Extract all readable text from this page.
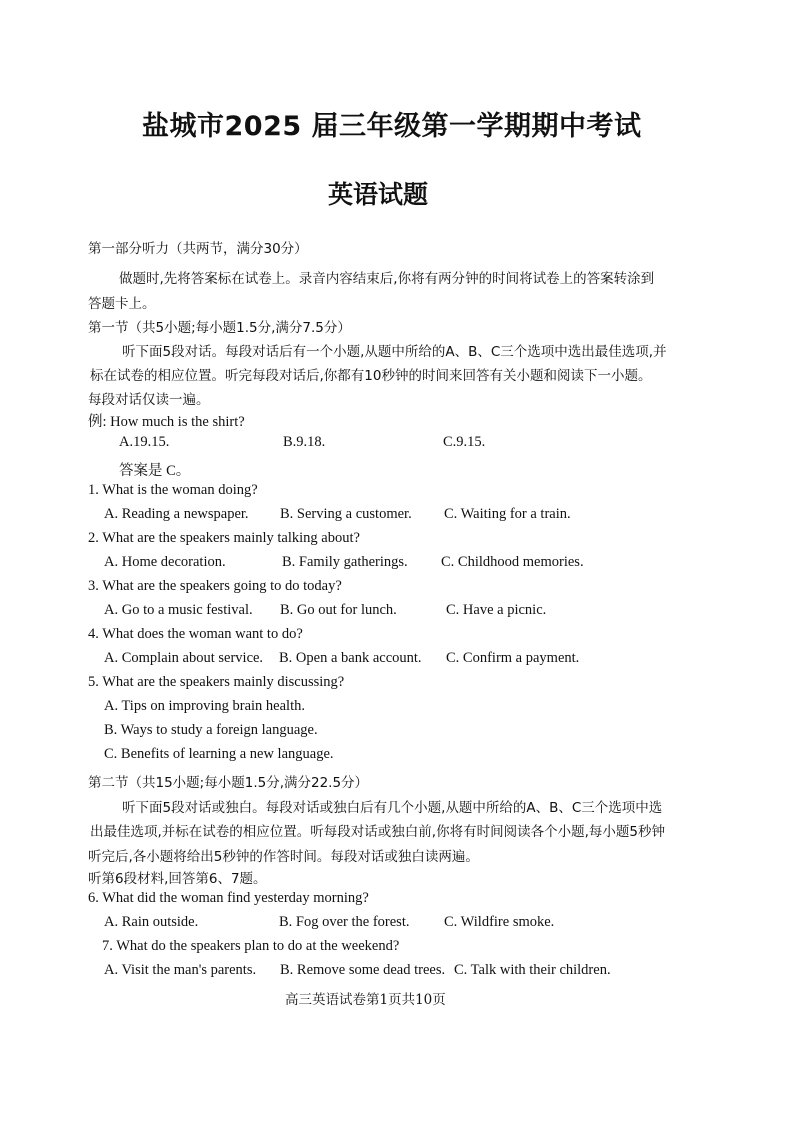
盐城市2025 届三年级第一学期期中考试
英语试题
第一部分听力（共两节，满分30分）
做题时,先将答案标在试卷上。录音内容结束后,你将有两分钟的时间将试卷上的答案转涂到
答题卡上。
第一节（共5小题;每小题1.5分,满分7.5分）
听下面5段对话。每段对话后有一个小题,从题中所给的A、B、C三个选项中选出最佳选项,并
标在试卷的相应位置。听完每段对话后,你都有10秒钟的时间来回答有关小题和阅读下一小题。
每段对话仅读一遍。
例: How much is the shirt?
A.19.15.	B.9.18.	C.9.15.
答案是 C。
1. What is the woman doing?
A. Reading a newspaper. B. Serving a customer. C. Waiting for a train.
2. What are the speakers mainly talking about?
A. Home decoration.	B. Family gatherings. C. Childhood memories.
3. What are the speakers going to do today?
A. Go to a music festival. B. Go out for lunch.	C. Have a picnic.
4. What does the woman want to do?
A. Complain about service. B. Open a bank account. C. Confirm a payment.
5. What are the speakers mainly discussing?
A. Tips on improving brain health.
B. Ways to study a foreign language.
C. Benefits of learning a new language.
第二节（共15小题;每小题1.5分,满分22.5分）
听下面5段对话或独白。每段对话或独白后有几个小题,从题中所给的A、B、C三个选项中选
出最佳选项,并标在试卷的相应位置。听每段对话或独白前,你将有时间阅读各个小题,每小题5秒钟
听完后,各小题将给出5秒钟的作答时间。每段对话或独白读两遍。
听第6段材料,回答第6、7题。
6. What did the woman find yesterday morning?
A. Rain outside.	B. Fog over the forest. C. Wildfire smoke.
7. What do the speakers plan to do at the weekend?
A. Visit the man's parents. B. Remove some dead trees. C. Talk with their children.
高三英语试卷第1页共10页
